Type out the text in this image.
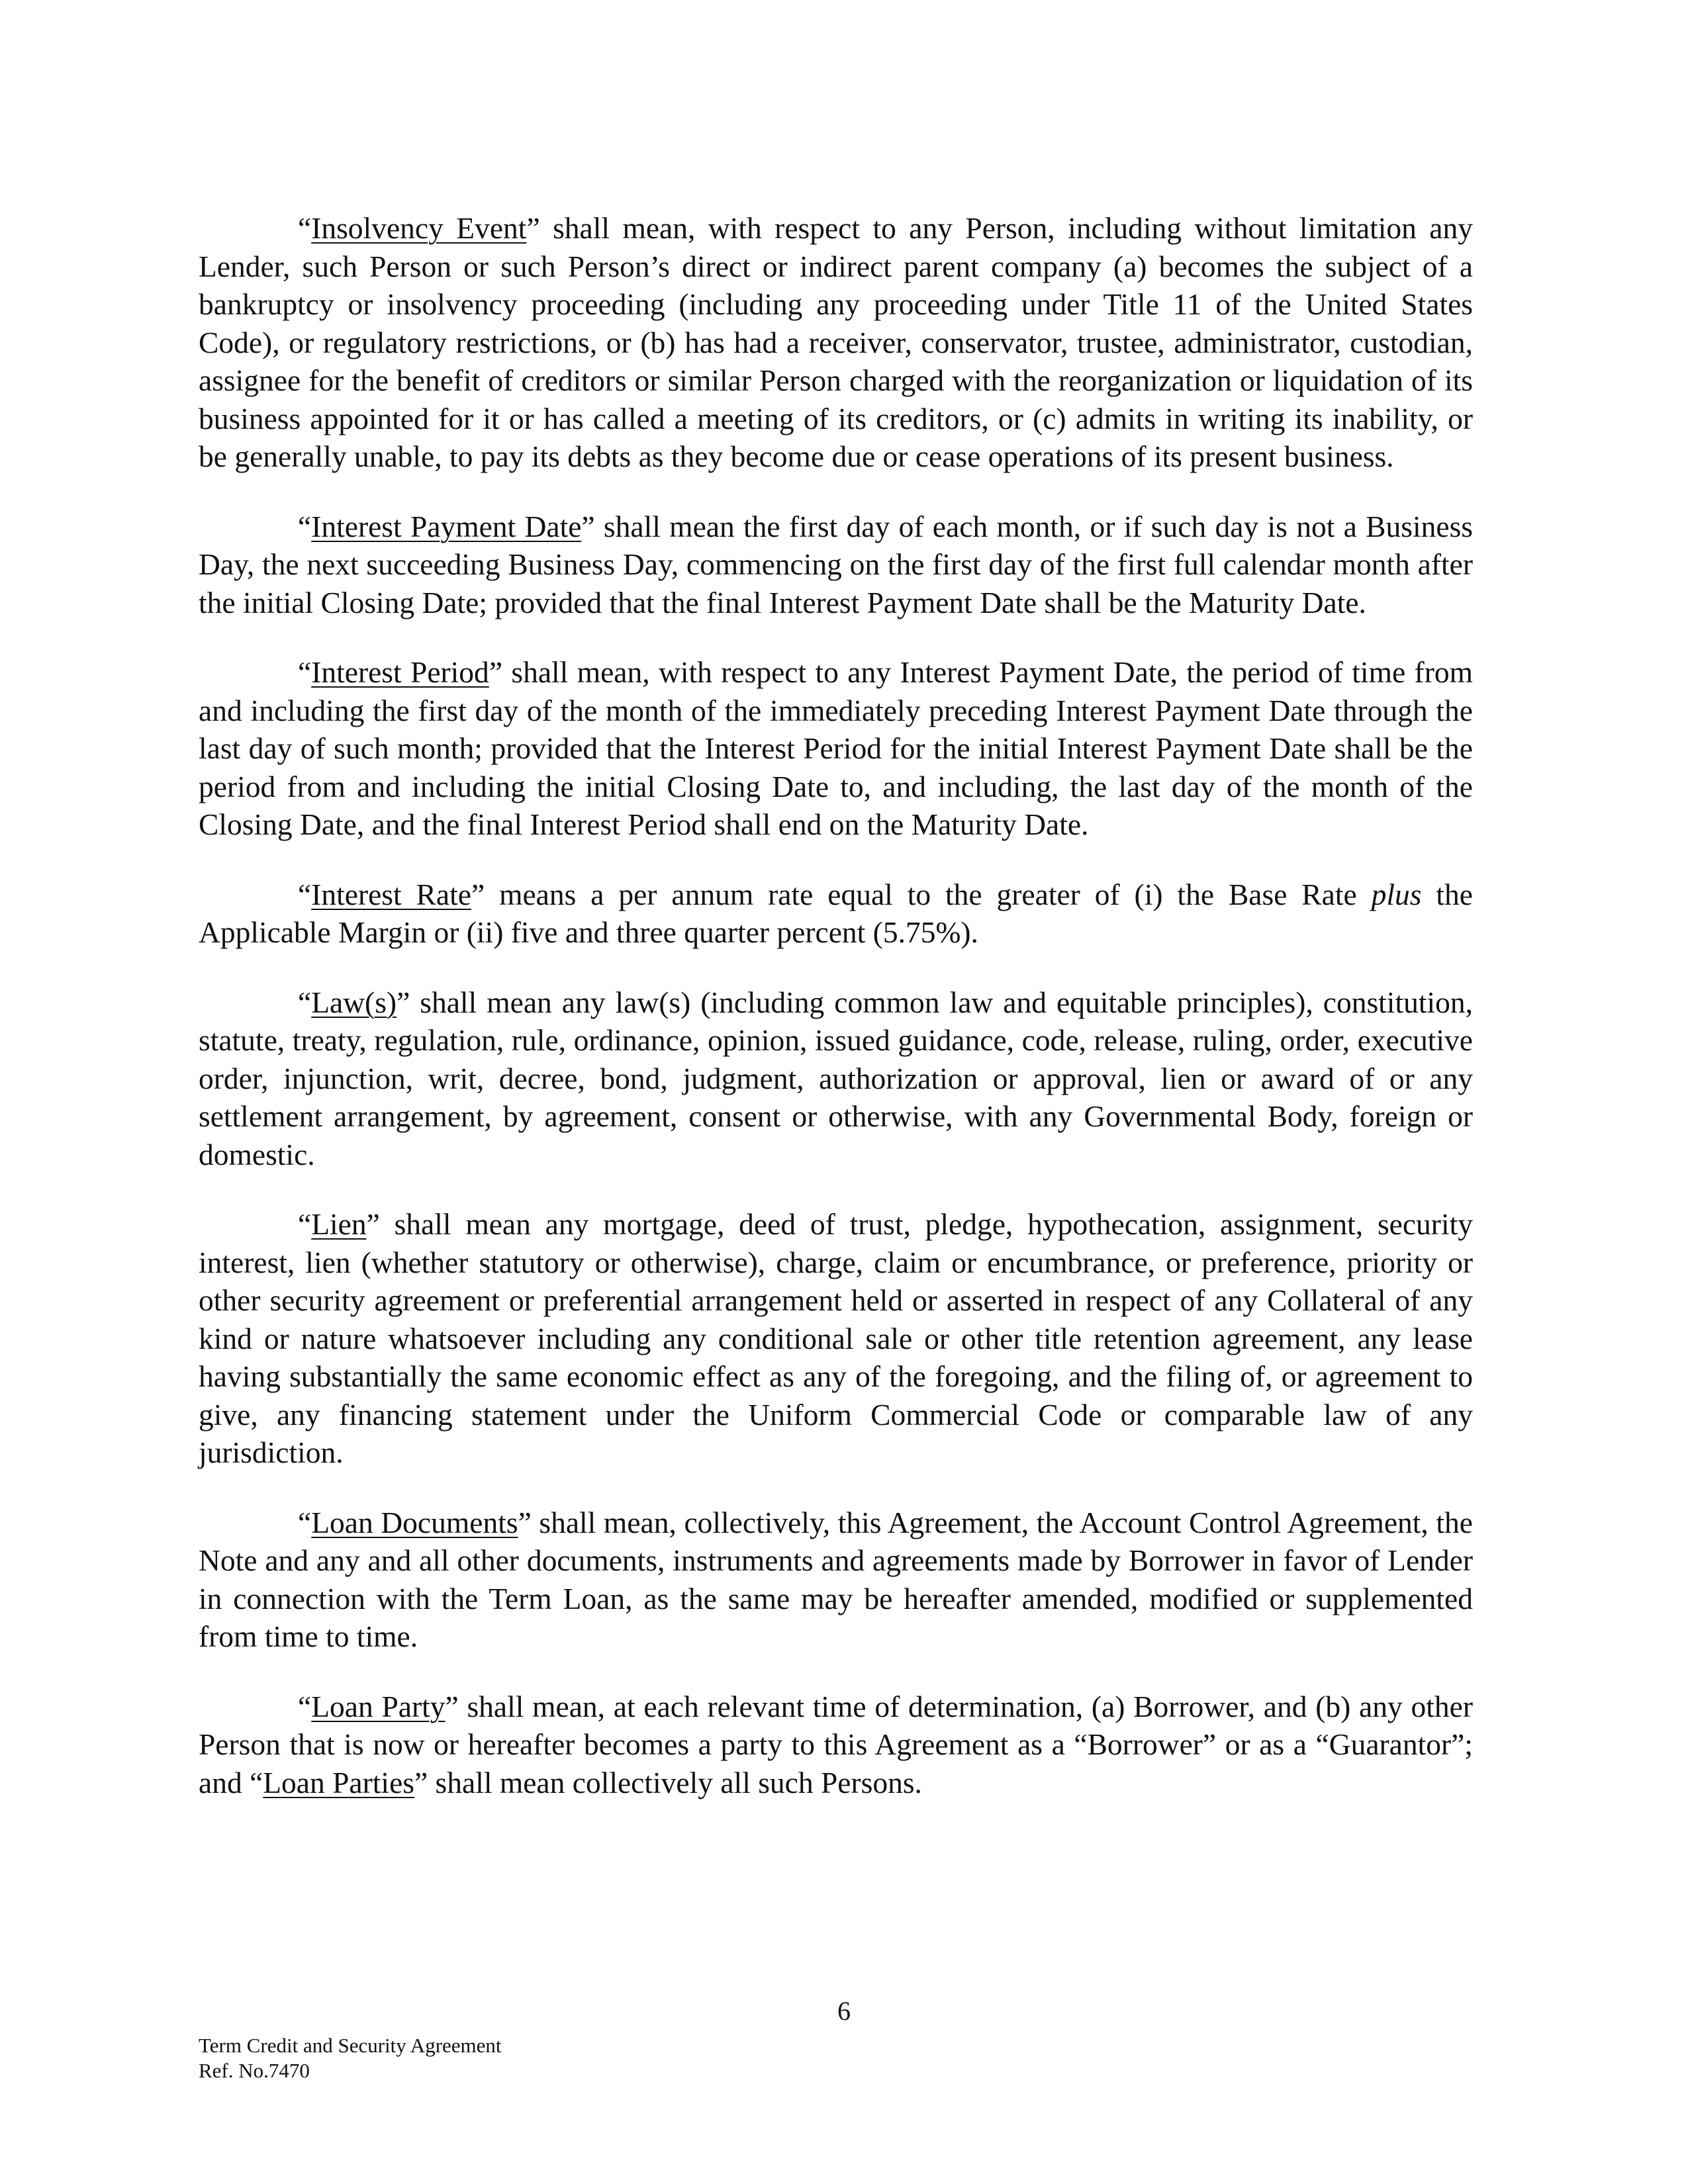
“Insolvency Event” shall mean, with respect to any Person, including without limitation any Lender, such Person or such Person’s direct or indirect parent company (a) becomes the subject of a bankruptcy or insolvency proceeding (including any proceeding under Title 11 of the United States Code), or regulatory restrictions, or (b) has had a receiver, conservator, trustee, administrator, custodian, assignee for the benefit of creditors or similar Person charged with the reorganization or liquidation of its business appointed for it or has called a meeting of its creditors, or (c) admits in writing its inability, or be generally unable, to pay its debts as they become due or cease operations of its present business.

“Interest Payment Date” shall mean the first day of each month, or if such day is not a Business Day, the next succeeding Business Day, commencing on the first day of the first full calendar month after the initial Closing Date; provided that the final Interest Payment Date shall be the Maturity Date.

“Interest Period” shall mean, with respect to any Interest Payment Date, the period of time from and including the first day of the month of the immediately preceding Interest Payment Date through the last day of such month; provided that the Interest Period for the initial Interest Payment Date shall be the period from and including the initial Closing Date to, and including, the last day of the month of the Closing Date, and the final Interest Period shall end on the Maturity Date.

“Interest Rate” means a per annum rate equal to the greater of (i) the Base Rate plus the Applicable Margin or (ii) five and three quarter percent (5.75%).

“Law(s)” shall mean any law(s) (including common law and equitable principles), constitution, statute, treaty, regulation, rule, ordinance, opinion, issued guidance, code, release, ruling, order, executive order, injunction, writ, decree, bond, judgment, authorization or approval, lien or award of or any settlement arrangement, by agreement, consent or otherwise, with any Governmental Body, foreign or domestic.

“Lien” shall mean any mortgage, deed of trust, pledge, hypothecation, assignment, security interest, lien (whether statutory or otherwise), charge, claim or encumbrance, or preference, priority or other security agreement or preferential arrangement held or asserted in respect of any Collateral of any kind or nature whatsoever including any conditional sale or other title retention agreement, any lease having substantially the same economic effect as any of the foregoing, and the filing of, or agreement to give, any financing statement under the Uniform Commercial Code or comparable law of any jurisdiction.

“Loan Documents” shall mean, collectively, this Agreement, the Account Control Agreement, the Note and any and all other documents, instruments and agreements made by Borrower in favor of Lender in connection with the Term Loan, as the same may be hereafter amended, modified or supplemented from time to time.

“Loan Party” shall mean, at each relevant time of determination, (a) Borrower, and (b) any other Person that is now or hereafter becomes a party to this Agreement as a “Borrower” or as a “Guarantor”; and “Loan Parties” shall mean collectively all such Persons.

6
Term Credit and Security Agreement
Ref. No.7470
